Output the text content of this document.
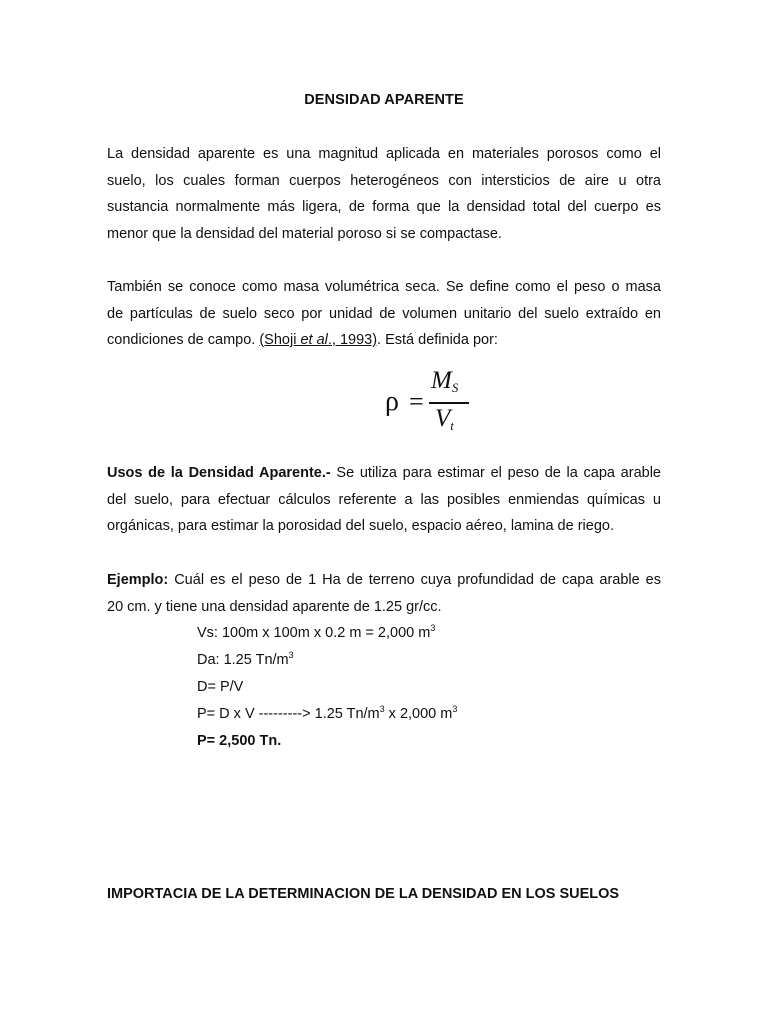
DENSIDAD APARENTE
La densidad aparente es una magnitud aplicada en materiales porosos como el
suelo, los cuales forman cuerpos heterogéneos con intersticios de aire u otra
sustancia normalmente más ligera, de forma que la densidad total del cuerpo es
menor que la densidad del material poroso si se compactase.
También se conoce como masa volumétrica seca. Se define como el peso o masa
de partículas de suelo seco por unidad de volumen unitario del suelo extraído en
condiciones de campo. (Shoji et al., 1993). Está definida por:
ρ =
$M_S$
$V_t$
Usos de la Densidad Aparente.- Se utiliza para estimar el peso de la capa arable
del suelo, para efectuar cálculos referente a las posibles enmiendas químicas u
orgánicas, para estimar la porosidad del suelo, espacio aéreo, lamina de riego.
Ejemplo: Cuál es el peso de 1 Ha de terreno cuya profundidad de capa arable es
20 cm. y tiene una densidad aparente de 1.25 gr/cc.
Vs: 100m x 100m x 0.2 m = 2,000 $m^3$
Da: 1.25 $Tn/m^3$
D= P/V
P= D x V ---------> 1.25 $Tn/m^3$ x 2,000 $m^3$
P= 2,500 Tn.
IMPORTACIA DE LA DETERMINACION DE LA DENSIDAD EN LOS SUELOS
